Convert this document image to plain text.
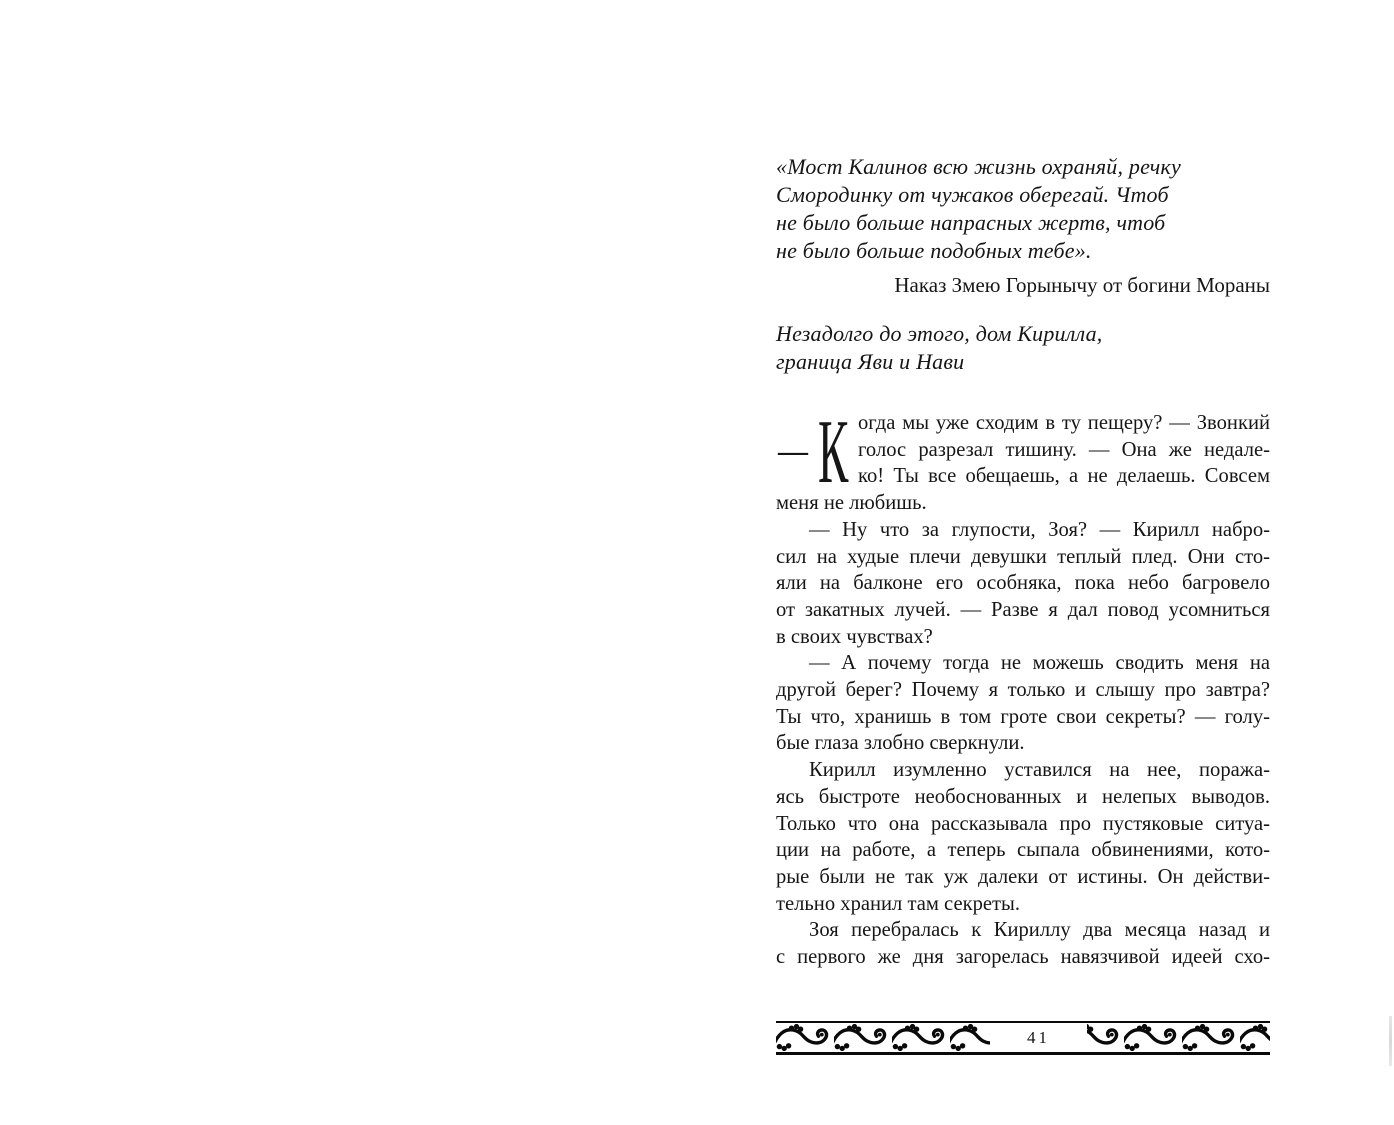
«Мост Калинов всю жизнь охраняй, речку
Смородинку от чужаков оберегай. Чтоб
не было больше напрасных жертв, чтоб
не было больше подобных тебе».
Наказ Змею Горынычу от богини Мораны
Незадолго до этого, дом Кирилла,
граница Яви и Нави
— К огда мы уже сходим в ту пещеру? — Звонкий
голос разрезал тишину. — Она же недале-
ко! Ты все обещаешь, а не делаешь. Совсем
меня не любишь.
— Ну что за глупости, Зоя? — Кирилл набро-
сил на худые плечи девушки теплый плед. Они сто-
яли на балконе его особняка, пока небо багровело
от закатных лучей. — Разве я дал повод усомниться
в своих чувствах?
— А почему тогда не можешь сводить меня на
другой берег? Почему я только и слышу про завтра?
Ты что, хранишь в том гроте свои секреты? — голу-
бые глаза злобно сверкнули.
Кирилл изумленно уставился на нее, поража-
ясь быстроте необоснованных и нелепых выводов.
Только что она рассказывала про пустяковые ситуа-
ции на работе, а теперь сыпала обвинениями, кото-
рые были не так уж далеки от истины. Он действи-
тельно хранил там секреты.
Зоя перебралась к Кириллу два месяца назад и
с первого же дня загорелась навязчивой идеей схо-
41
